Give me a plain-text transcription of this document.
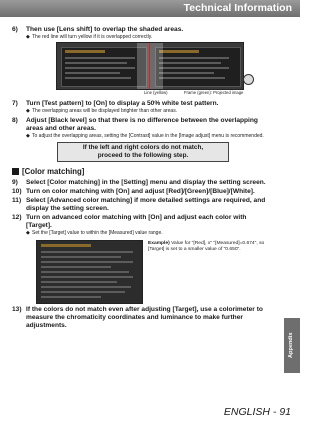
Technical Information
6)	Then use [Lens shift] to overlap the shaded areas.
◆ The red line will turn yellow if it is overlapped correctly.
Line (yellow)	Frame (green): Projected image
7)	Turn [Test pattern] to [On] to display a 50% white test pattern.
◆ The overlapping areas will be displayed brighter than other areas.
8)	Adjust [Black level] so that there is no difference between the overlapping areas and other areas.
◆ To adjust the overlapping areas, setting the [Contrast] value in the [Image adjust] menu is recommended.
If the left and right colors do not match,
proceed to the following step.
[Color matching]
9)	Select [Color matching] in the [Setting] menu and display the setting screen.
10) Turn on color matching with [On] and adjust [Red]/[Green]/[Blue]/[White].
11) Select [Advanced color matching] if more detailed settings are required, and display the setting screen.
12) Turn on advanced color matching with [On] and adjust each color with [Target].
◆ Set the [Target] value to within the [Measured] value range.
Example) Value for "[Red], x" "[Measured]=0.674", so [Target] is set to a smaller value of "0.650".
13) If the colors do not match even after adjusting [Target], use a colorimeter to measure the chromaticity coordinates and luminance to make further adjustments.
Appendix
ENGLISH - 91
